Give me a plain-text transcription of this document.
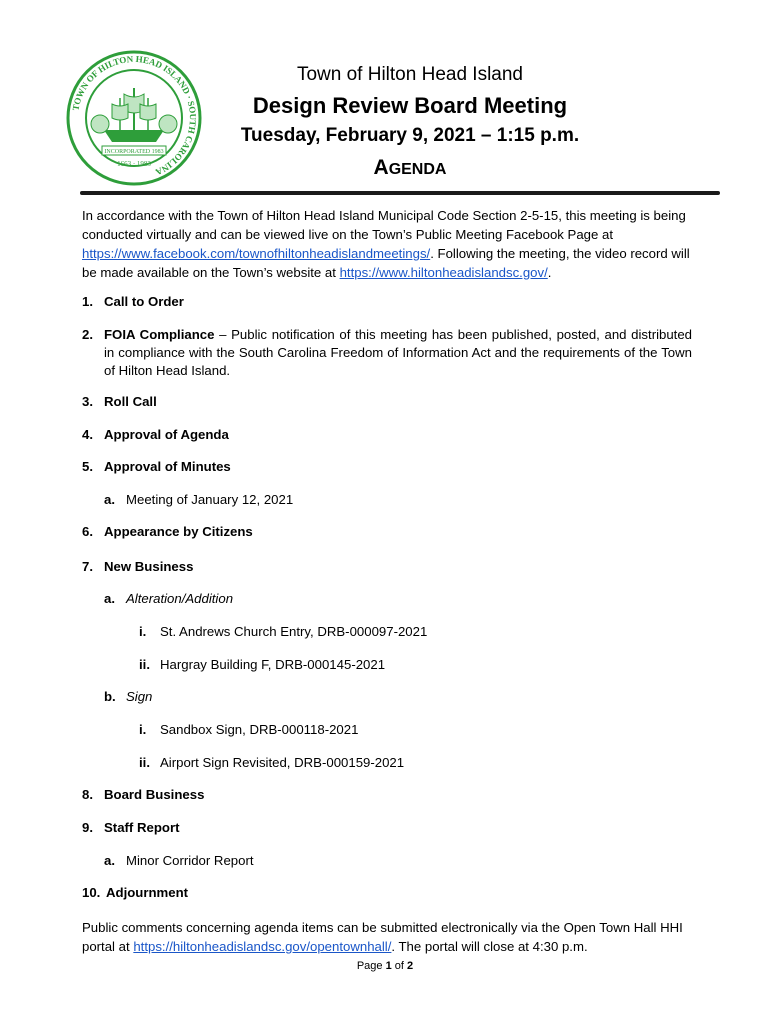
TOWN OF HILTON HEAD ISLAND · SOUTH CAROLINA
INCORPORATED 1983
1663 · 1983
Town of Hilton Head Island
Design Review Board Meeting
Tuesday, February 9, 2021 – 1:15 p.m.
AGENDA

In accordance with the Town of Hilton Head Island Municipal Code Section 2-5-15, this meeting is being conducted virtually and can be viewed live on the Town’s Public Meeting Facebook Page at https://www.facebook.com/townofhiltonheadislandmeetings/. Following the meeting, the video record will be made available on the Town’s website at https://www.hiltonheadislandsc.gov/.

1. Call to Order
2. FOIA Compliance – Public notification of this meeting has been published, posted, and distributed in compliance with the South Carolina Freedom of Information Act and the requirements of the Town of Hilton Head Island.
3. Roll Call
4. Approval of Agenda
5. Approval of Minutes
a. Meeting of January 12, 2021
6. Appearance by Citizens
7. New Business
a. Alteration/Addition
i. St. Andrews Church Entry, DRB-000097-2021
ii. Hargray Building F, DRB-000145-2021
b. Sign
i. Sandbox Sign, DRB-000118-2021
ii. Airport Sign Revisited, DRB-000159-2021
8. Board Business
9. Staff Report
a. Minor Corridor Report
10. Adjournment

Public comments concerning agenda items can be submitted electronically via the Open Town Hall HHI portal at https://hiltonheadislandsc.gov/opentownhall/. The portal will close at 4:30 p.m.

Page 1 of 2
